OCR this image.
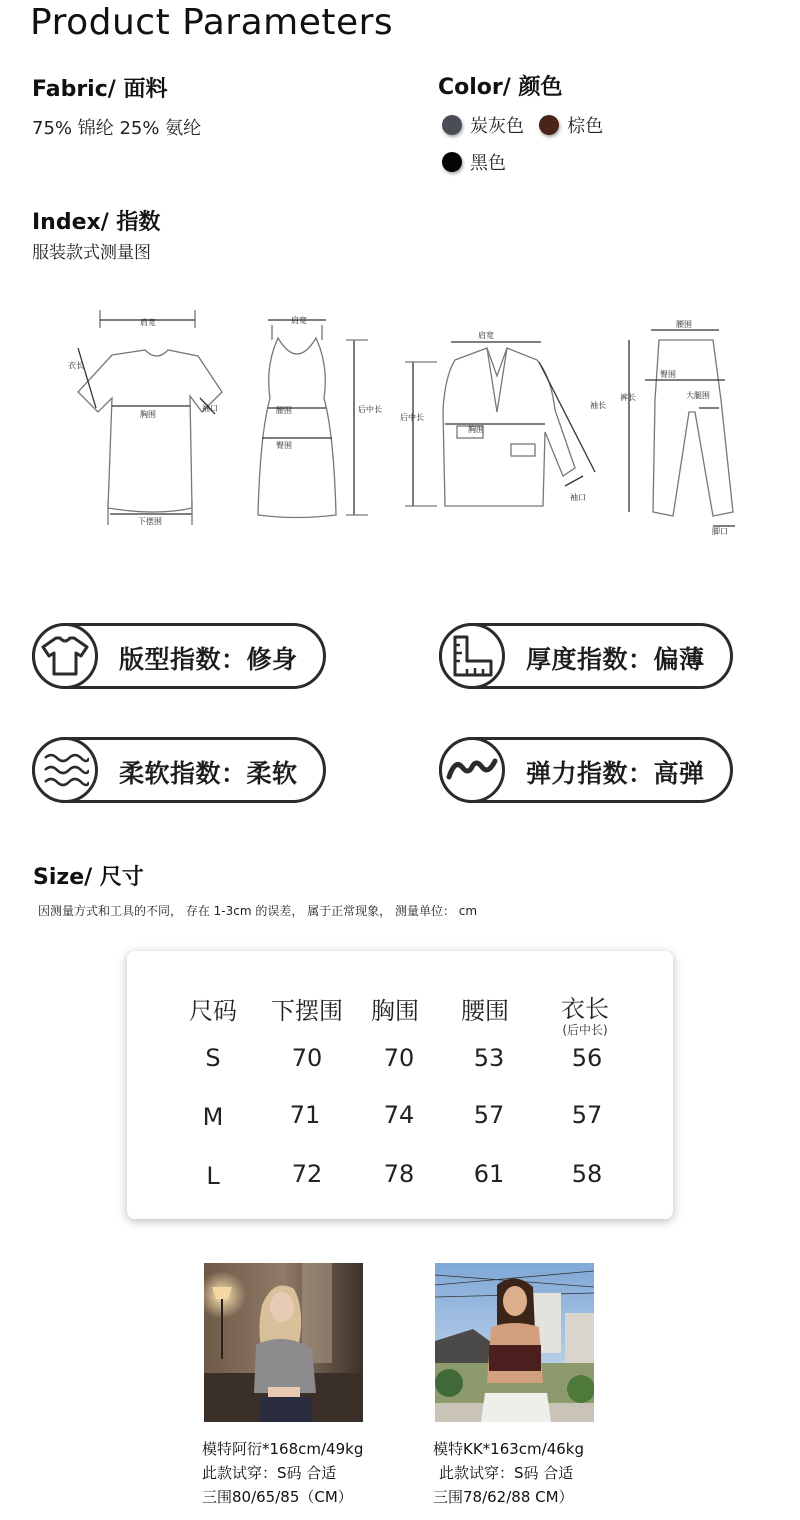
Product Parameters
Fabric/ 面料
75% 锦纶 25% 氨纶
Color/ 颜色
炭灰色
棕色
黑色
Index/ 指数
服装款式测量图
肩宽
衣长
袖口
胸围
下摆围
肩宽
腰围
臀围
后中长
肩宽
胸围
后中长
袖长
袖口
腰围
臀围
裤长	大腿围
脚口
版型指数：修身	厚度指数：偏薄
柔软指数：柔软	弹力指数：高弹
Size/ 尺寸
因测量方式和工具的不同， 存在 1-3cm 的误差， 属于正常现象， 测量单位： cm
尺码 下摆围 胸围 腰围 衣长
(后中长)
S	70	70 53	56
M	71	74 57	57
L	72	78 61	58
模特阿衍*168cm/49kg
此款试穿：S码 合适
三围80/65/85（CM）
模特KK*163cm/46kg
此款试穿：S码 合适
三围78/62/88 CM）
